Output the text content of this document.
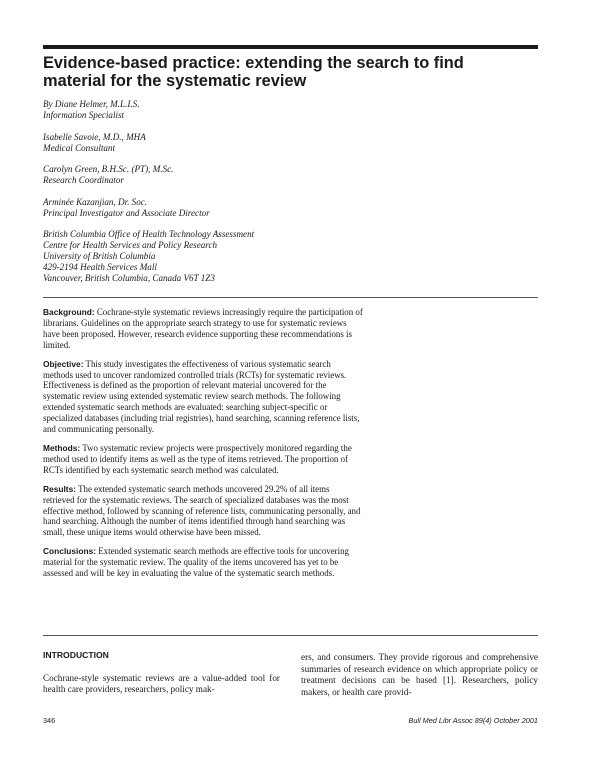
Evidence-based practice: extending the search to find
material for the systematic review
By Diane Helmer, M.L.I.S.
Information Specialist
Isabelle Savoie, M.D., MHA
Medical Consultant
Carolyn Green, B.H.Sc. (PT), M.Sc.
Research Coordinator
Arminée Kazanjian, Dr. Soc.
Principal Investigator and Associate Director
British Columbia Office of Health Technology Assessment
Centre for Health Services and Policy Research
University of British Columbia
429-2194 Health Services Mall
Vancouver, British Columbia, Canada V6T 1Z3

Background: Cochrane-style systematic reviews increasingly require the participation of librarians. Guidelines on the appropriate search strategy to use for systematic reviews have been proposed. However, research evidence supporting these recommendations is limited.

Objective: This study investigates the effectiveness of various systematic search methods used to uncover randomized controlled trials (RCTs) for systematic reviews. Effectiveness is defined as the proportion of relevant material uncovered for the systematic review using extended systematic review search methods. The following extended systematic search methods are evaluated: searching subject-specific or specialized databases (including trial registries), hand searching, scanning reference lists, and communicating personally.

Methods: Two systematic review projects were prospectively monitored regarding the method used to identify items as well as the type of items retrieved. The proportion of RCTs identified by each systematic search method was calculated.

Results: The extended systematic search methods uncovered 29.2% of all items retrieved for the systematic reviews. The search of specialized databases was the most effective method, followed by scanning of reference lists, communicating personally, and hand searching. Although the number of items identified through hand searching was small, these unique items would otherwise have been missed.

Conclusions: Extended systematic search methods are effective tools for uncovering material for the systematic review. The quality of the items uncovered has yet to be assessed and will be key in evaluating the value of the systematic search methods.

INTRODUCTION

Cochrane-style systematic reviews are a value-added tool for health care providers, researchers, policy mak-

ers, and consumers. They provide rigorous and comprehensive summaries of research evidence on which appropriate policy or treatment decisions can be based [1]. Researchers, policy makers, or health care provid-

346	Bull Med Libr Assoc 89(4) October 2001
